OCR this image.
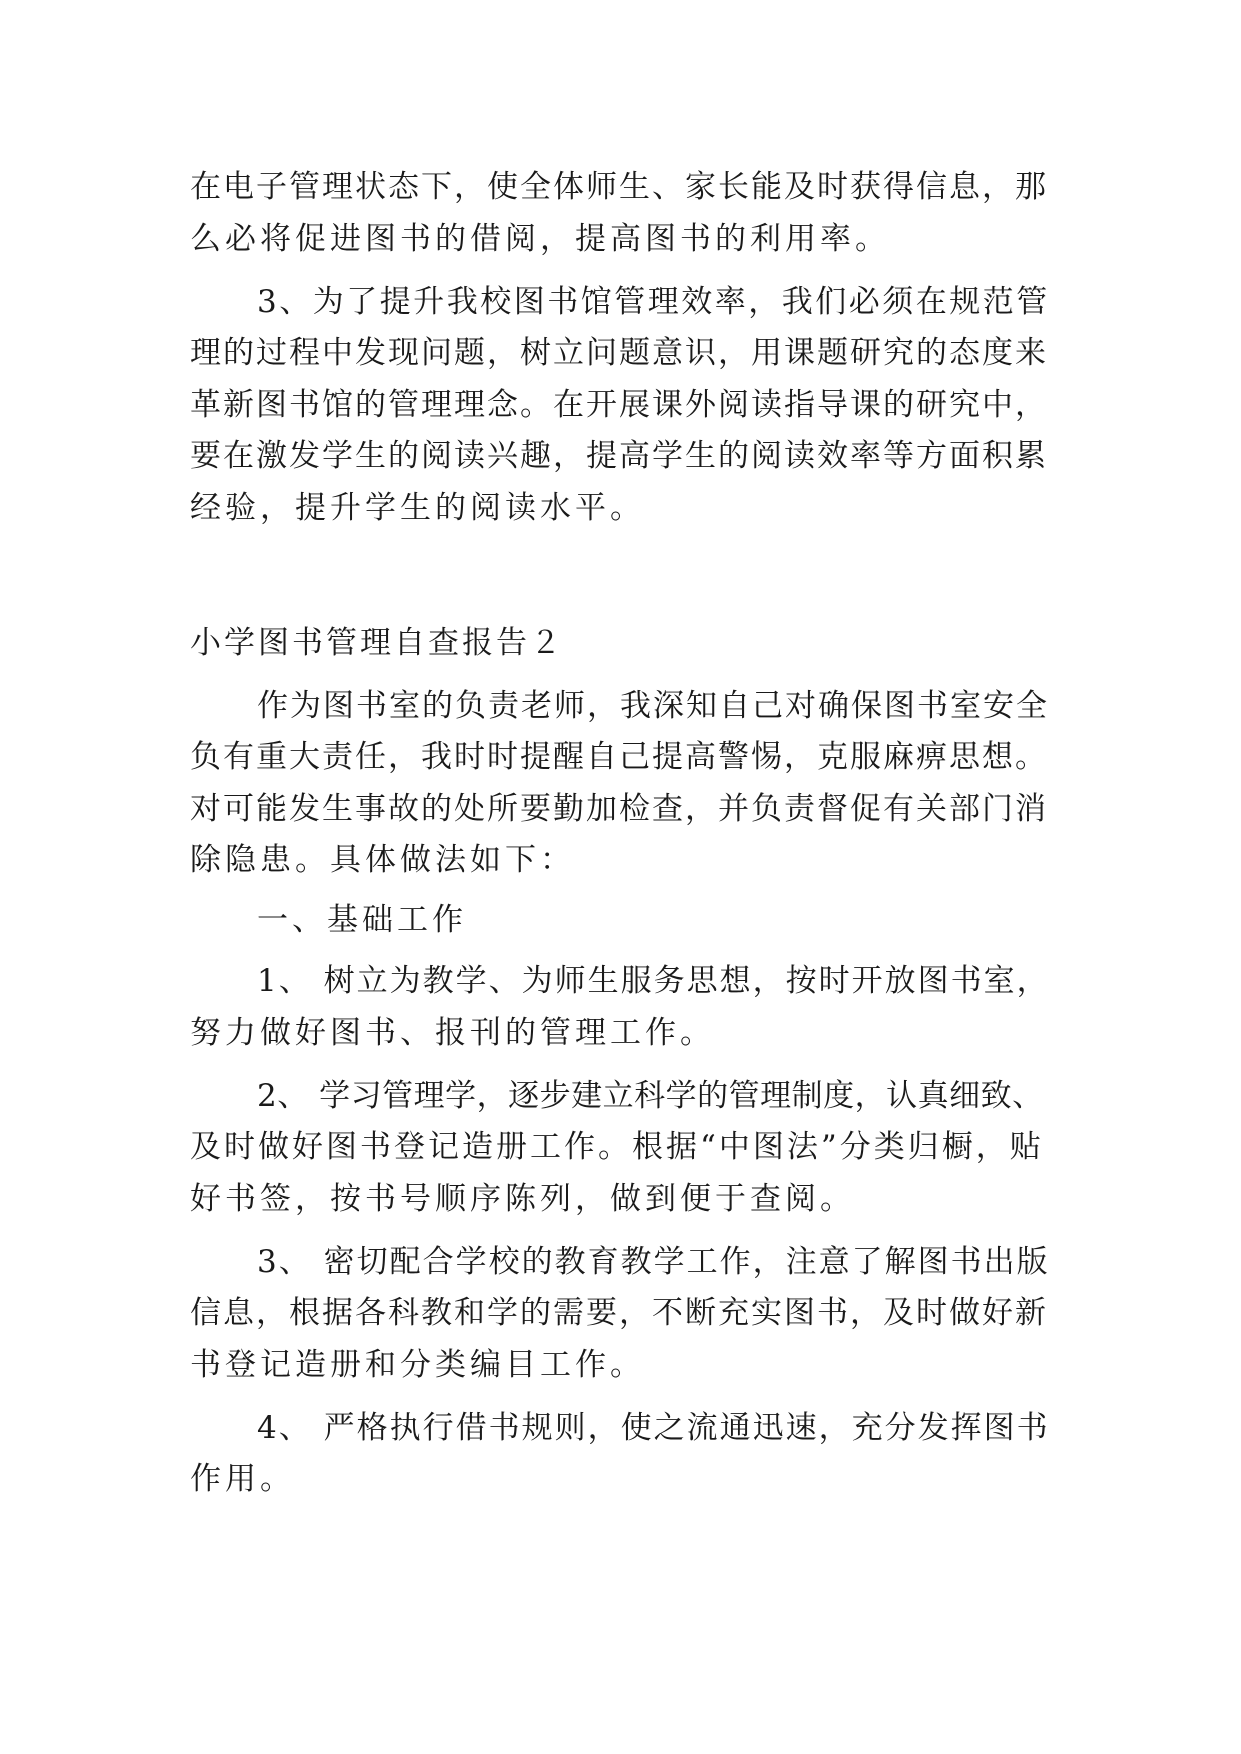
在电子管理状态下，使全体师生、家长能及时获得信息，那
么必将促进图书的借阅，提高图书的利用率。
3、为了提升我校图书馆管理效率，我们必须在规范管
理的过程中发现问题，树立问题意识，用课题研究的态度来
革新图书馆的管理理念。在开展课外阅读指导课的研究中，
要在激发学生的阅读兴趣，提高学生的阅读效率等方面积累
经验，提升学生的阅读水平。
小学图书管理自查报告２
作为图书室的负责老师，我深知自己对确保图书室安全
负有重大责任，我时时提醒自己提高警惕，克服麻痹思想。
对可能发生事故的处所要勤加检查，并负责督促有关部门消
除隐患。具体做法如下：
一、基础工作
1、 树立为教学、为师生服务思想，按时开放图书室，
努力做好图书、报刊的管理工作。
2、 学习管理学，逐步建立科学的管理制度，认真细致、
及时做好图书登记造册工作。根据“中图法”分类归橱，贴
好书签，按书号顺序陈列，做到便于查阅。
3、 密切配合学校的教育教学工作，注意了解图书出版
信息，根据各科教和学的需要，不断充实图书，及时做好新
书登记造册和分类编目工作。
4、 严格执行借书规则，使之流通迅速，充分发挥图书
作用。
